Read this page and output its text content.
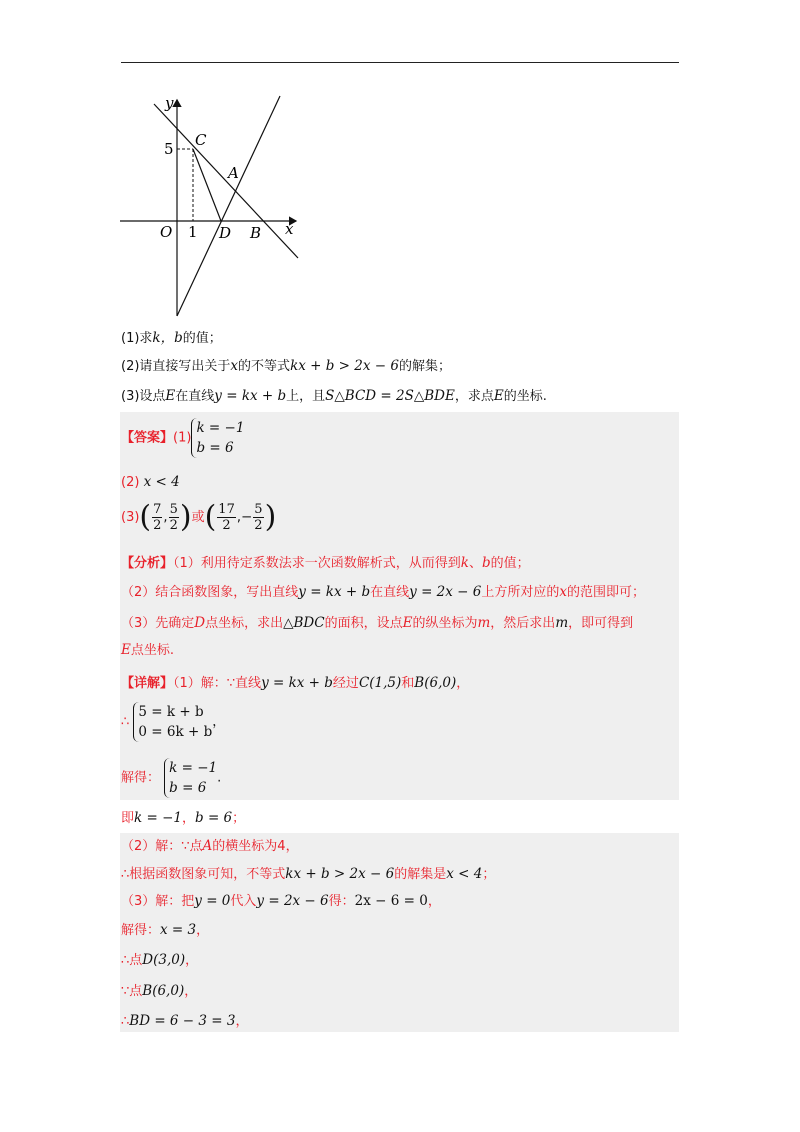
y
x
O
5
1
C
A
D B
(1)求k，b的值；
(2)请直接写出关于x的不等式kx + b > 2x − 6的解集；
(3)设点E在直线y = kx + b上，且S△BCD = 2S△BDE，求点E的坐标.
【答案】(1)
k = −1
b = 6
(2) x < 4
$(3)( \frac{7}{2}$ , $\frac{5}{2}$ )或( $\frac{17}{2}$ ,− $\frac{5}{2}$ )
【分析】（1）利用待定系数法求一次函数解析式，从而得到k、b的值；
（2）结合函数图象，写出直线y = kx + b在直线y = 2x − 6上方所对应的x的范围即可；
（3）先确定D点坐标，求出△BDC的面积，设点E的纵坐标为m，然后求出m，即可得到
E点坐标.
【详解】（1）解：∵直线y = kx + b经过C(1,5)和B(6,0)，
∴
5 = k + b
0 = 6k + b
，
解得：
k = −1
b = 6
.
即k = −1，b = 6；
（2）解：∵点A的横坐标为4，
∴根据函数图象可知，不等式kx + b > 2x − 6的解集是x < 4；
（3）解：把y = 0代入y = 2x − 6得：2x − 6 = 0，
解得：x = 3，
∴点D(3,0)，
∵点B(6,0)，
∴BD = 6 − 3 = 3，
